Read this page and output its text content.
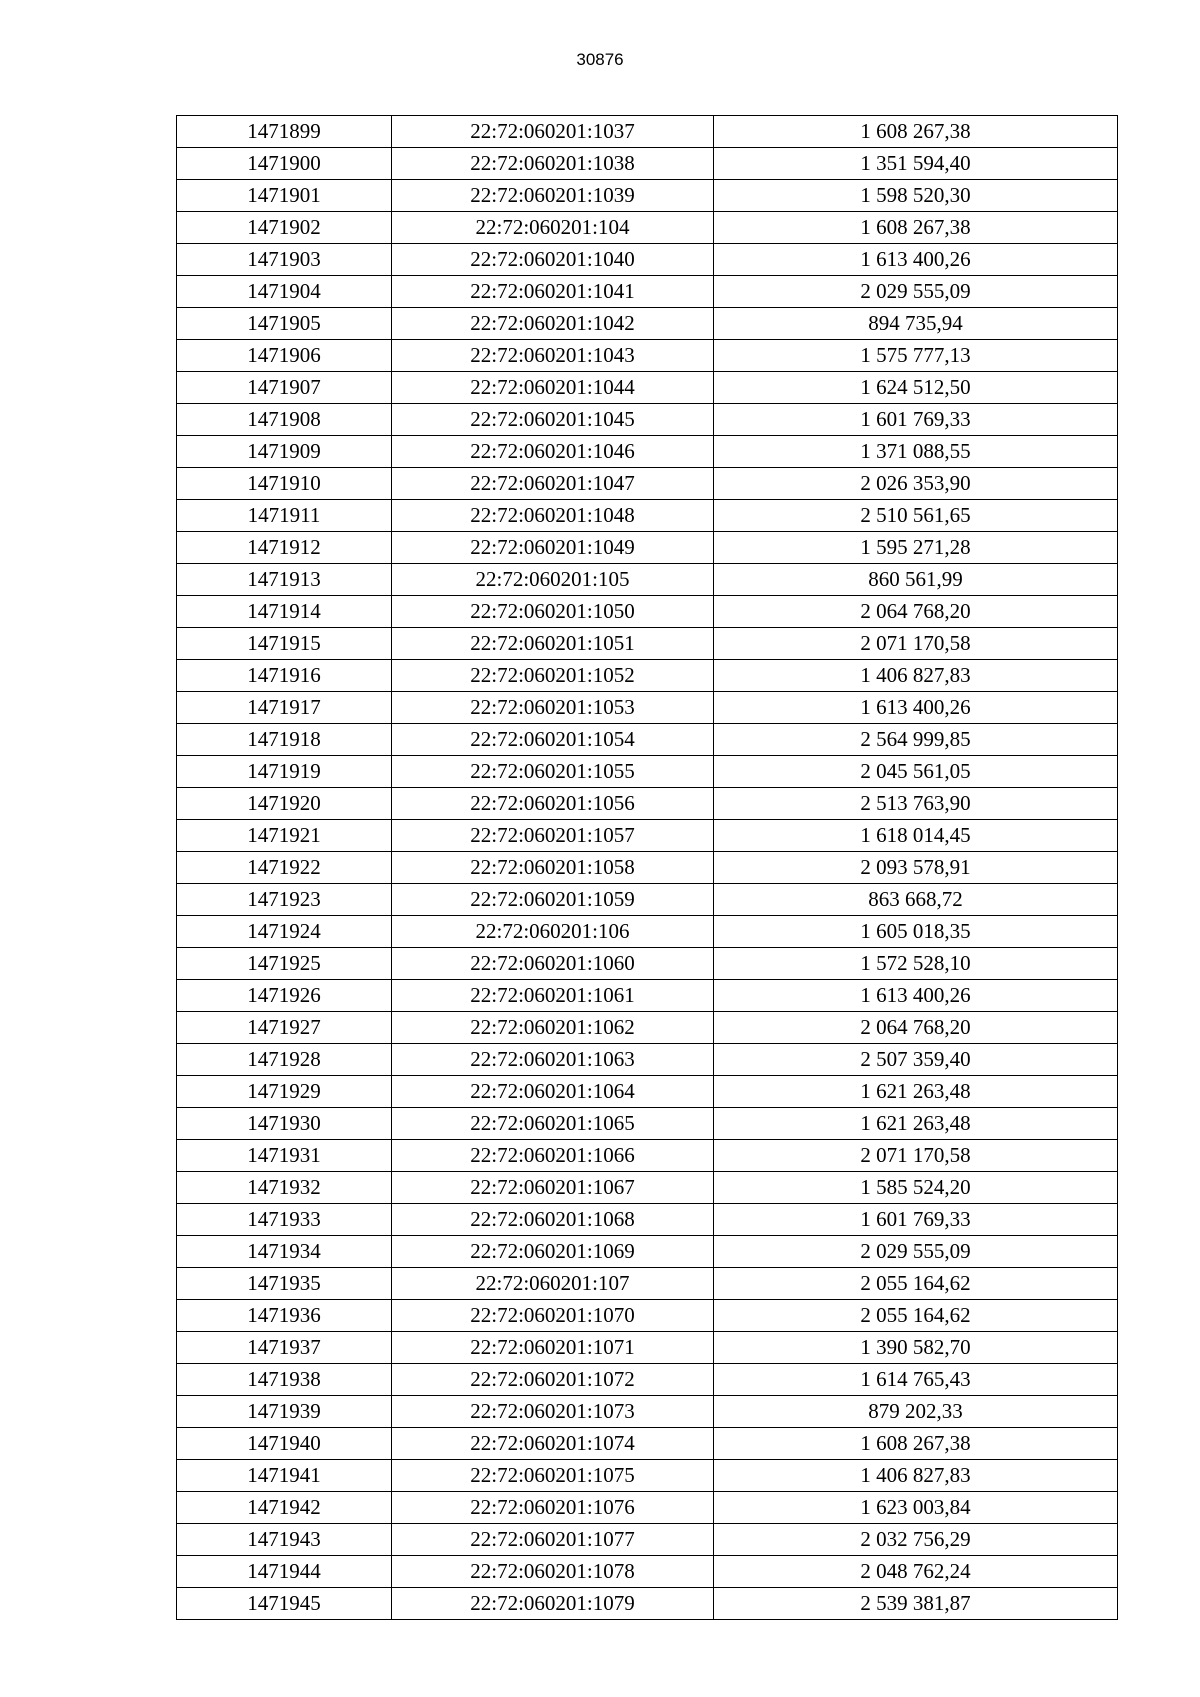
30876
1471899	22:72:060201:1037	1 608 267,38
1471900	22:72:060201:1038	1 351 594,40
1471901	22:72:060201:1039	1 598 520,30
1471902	22:72:060201:104	1 608 267,38
1471903	22:72:060201:1040	1 613 400,26
1471904	22:72:060201:1041	2 029 555,09
1471905	22:72:060201:1042	894 735,94
1471906	22:72:060201:1043	1 575 777,13
1471907	22:72:060201:1044	1 624 512,50
1471908	22:72:060201:1045	1 601 769,33
1471909	22:72:060201:1046	1 371 088,55
1471910	22:72:060201:1047	2 026 353,90
1471911	22:72:060201:1048	2 510 561,65
1471912	22:72:060201:1049	1 595 271,28
1471913	22:72:060201:105	860 561,99
1471914	22:72:060201:1050	2 064 768,20
1471915	22:72:060201:1051	2 071 170,58
1471916	22:72:060201:1052	1 406 827,83
1471917	22:72:060201:1053	1 613 400,26
1471918	22:72:060201:1054	2 564 999,85
1471919	22:72:060201:1055	2 045 561,05
1471920	22:72:060201:1056	2 513 763,90
1471921	22:72:060201:1057	1 618 014,45
1471922	22:72:060201:1058	2 093 578,91
1471923	22:72:060201:1059	863 668,72
1471924	22:72:060201:106	1 605 018,35
1471925	22:72:060201:1060	1 572 528,10
1471926	22:72:060201:1061	1 613 400,26
1471927	22:72:060201:1062	2 064 768,20
1471928	22:72:060201:1063	2 507 359,40
1471929	22:72:060201:1064	1 621 263,48
1471930	22:72:060201:1065	1 621 263,48
1471931	22:72:060201:1066	2 071 170,58
1471932	22:72:060201:1067	1 585 524,20
1471933	22:72:060201:1068	1 601 769,33
1471934	22:72:060201:1069	2 029 555,09
1471935	22:72:060201:107	2 055 164,62
1471936	22:72:060201:1070	2 055 164,62
1471937	22:72:060201:1071	1 390 582,70
1471938	22:72:060201:1072	1 614 765,43
1471939	22:72:060201:1073	879 202,33
1471940	22:72:060201:1074	1 608 267,38
1471941	22:72:060201:1075	1 406 827,83
1471942	22:72:060201:1076	1 623 003,84
1471943	22:72:060201:1077	2 032 756,29
1471944	22:72:060201:1078	2 048 762,24
1471945	22:72:060201:1079	2 539 381,87
